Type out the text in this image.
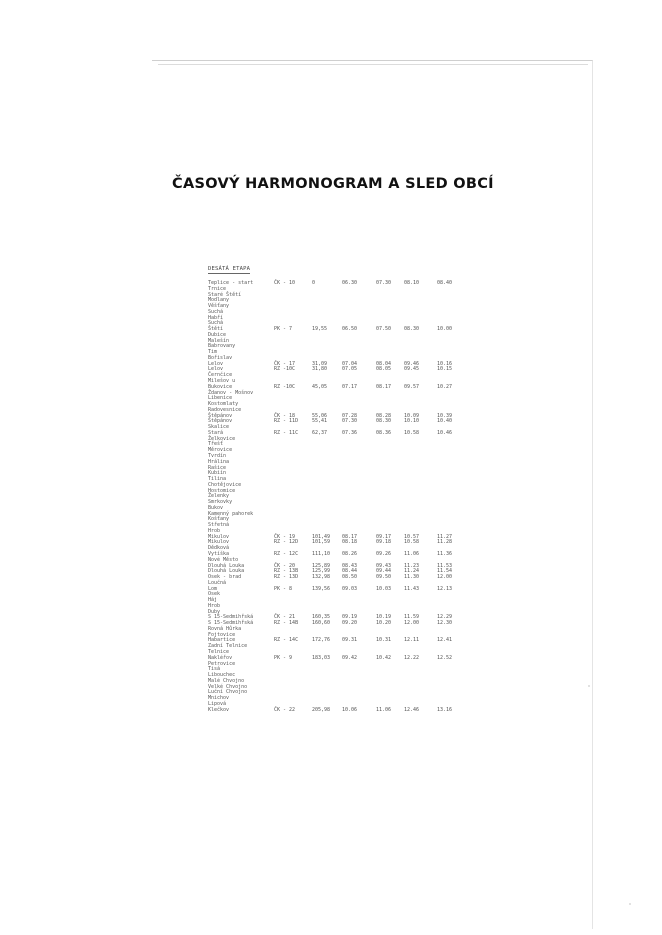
ČASOVÝ HARMONOGRAM A SLED OBCÍ
DESÁTÁ ETAPA
Teplice - start	ČK - 10	0	06.30	07.30	08.10	08.40
Trnice
Staré Štětí
Modlany
Věšťany
Suchá
Habří
Suchá
Štětí	PK - 7	19,55	06.50	07.50	08.30	10.00
Dubice
Malešín
Babrovany
Tim
Bořislav
Lelov	ČK - 17	31,09	07.04	08.04	09.46	10.16
Lelov	RZ -10C	31,80	07.05	08.05	09.45	10.15
Černčice
Milešov u
Bukovice	RZ -10C	45,05	07.17	08.17	09.57	10.27
Ždanov - Mošnov
Libenice
Kostomlaty
Radovesnice
Štěpánov	ČK - 18	55,06	07.28	08.28	10.09	10.39
Štěpánov	RZ - 11D	55,41	07.30	08.30	10.10	10.40
Skalice
Stará	RZ - 11C	62,37	07.36	08.36	10.58	10.46
Želkovice
Třešť
Měrovice
Tvrdín
Hrálina
Rašice
Kubiín
Tilina
Chotějovice
Hostomice
Želenky
Smrkovky
Bukov
Kamenný pahorek
Košťany
Střetná
Hrob
Mikulov	ČK - 19	101,49 08.17	09.17	10.57	11.27
Mikulov	RZ - 12D	101,59 08.18	09.18	10.58	11.28
Dědková
Vytíška	RZ - 12C	111,10 08.26	09.26	11.06	11.36
Nové Město
Dlouhá Louka	ČK - 20	125,89 08.43	09.43	11.23	11.53
Dlouhá Louka	RZ - 13B	125,99 08.44	09.44	11.24	11.54
Osek - brad	RZ - 13D	132,98 08.50	09.50	11.30	12.00
Loučná
Lom	PK - 8	139,56 09.03	10.03	11.43	12.13
Osek
Háj
Hrob
Duby
S 15-Sedmihřská	ČK - 21	160,35 09.19	10.19	11.59	12.29
S 15-Sedmihřská	RZ - 14B	160,60 09.20	10.20	12.00	12.30
Rovná Hůrka
Fojtovice
Habartice	RZ - 14C	172,76 09.31	10.31	12.11	12.41
Zadní Telnice
Telnice
Nakléřov	PK - 9	183,03 09.42	10.42	12.22	12.52
Petrovice
Tisá
Libouchec
Malé Chvojno
Velké Chvojno
Luční Chvojno
Mnichov
Lipová
Klečkov	ČK - 22	205,98 10.06	11.06	12.46	13.16
